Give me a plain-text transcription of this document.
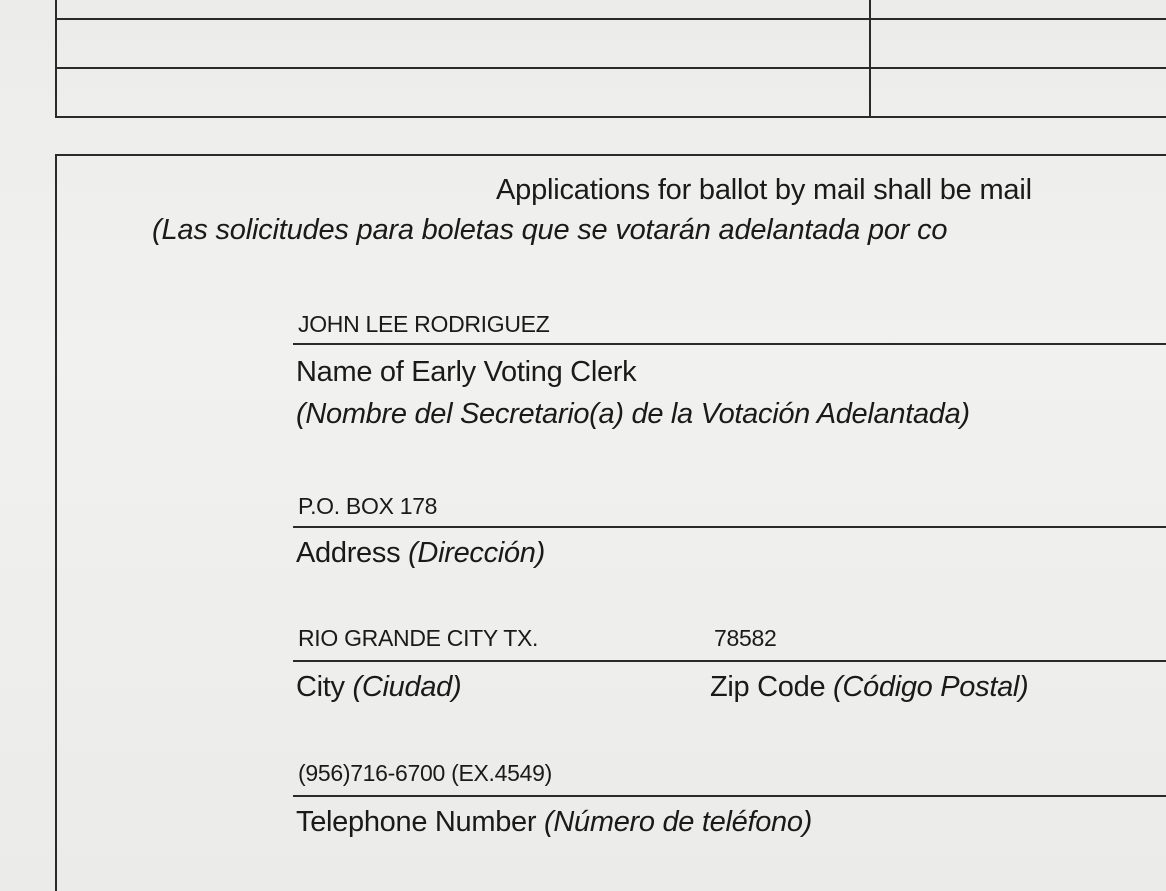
Applications for ballot by mail shall be mail
(Las solicitudes para boletas que se votarán adelantada por co
JOHN LEE RODRIGUEZ
Name of Early Voting Clerk
(Nombre del Secretario(a) de la Votación Adelantada)
P.O. BOX 178
Address (Dirección)
RIO GRANDE CITY TX.	78582
City (Ciudad)	Zip Code (Código Postal)
(956)716-6700 (EX.4549)
Telephone Number (Número de teléfono)
